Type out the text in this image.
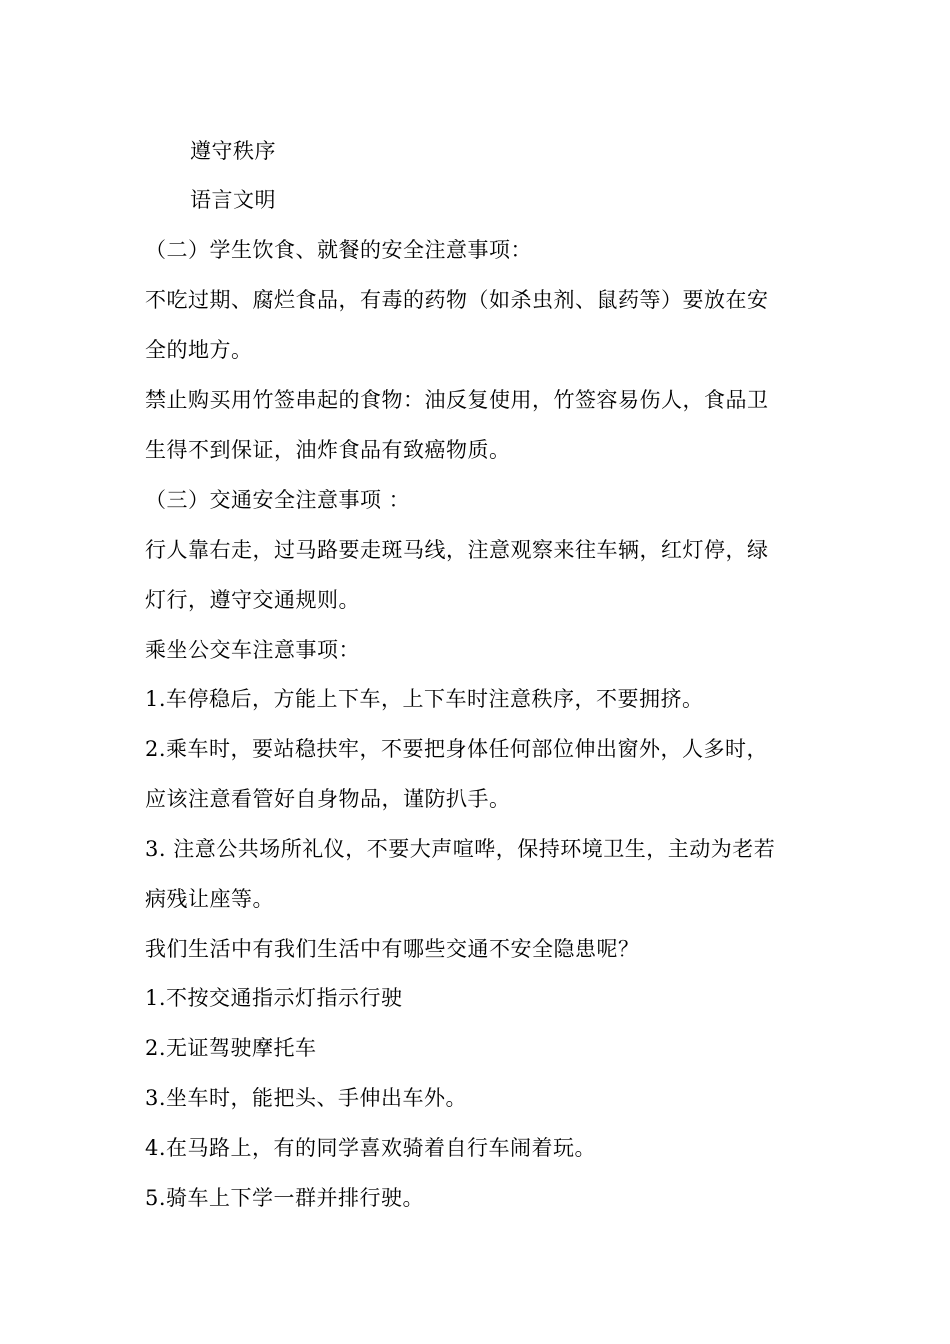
遵守秩序
语言文明
（二）学生饮食、就餐的安全注意事项：
不吃过期、腐烂食品，有毒的药物（如杀虫剂、鼠药等）要放在安
全的地方。
禁止购买用竹签串起的食物：油反复使用，竹签容易伤人，食品卫
生得不到保证，油炸食品有致癌物质。
（三）交通安全注意事项 ：
行人靠右走，过马路要走斑马线，注意观察来往车辆，红灯停，绿
灯行，遵守交通规则。
乘坐公交车注意事项：
1.车停稳后，方能上下车，上下车时注意秩序，不要拥挤。
2.乘车时，要站稳扶牢，不要把身体任何部位伸出窗外，人多时，
应该注意看管好自身物品，谨防扒手。
3. 注意公共场所礼仪，不要大声喧哗，保持环境卫生，主动为老若
病残让座等。
我们生活中有我们生活中有哪些交通不安全隐患呢？
1.不按交通指示灯指示行驶
2.无证驾驶摩托车
3.坐车时，能把头、手伸出车外。
4.在马路上，有的同学喜欢骑着自行车闹着玩。
5.骑车上下学一群并排行驶。
